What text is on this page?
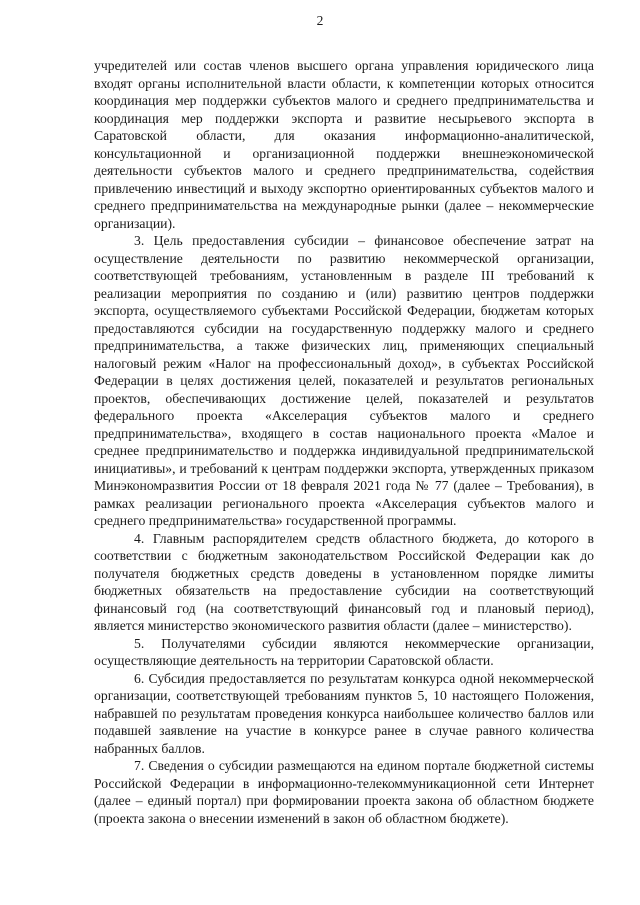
2

учредителей или состав членов высшего органа управления юридического лица входят органы исполнительной власти области, к компетенции которых относится координация мер поддержки субъектов малого и среднего предпринимательства и координация мер поддержки экспорта и развитие несырьевого экспорта в Саратовской области, для оказания информационно-аналитической, консультационной и организационной поддержки внешнеэкономической деятельности субъектов малого и среднего предпринимательства, содействия привлечению инвестиций и выходу экспортно ориентированных субъектов малого и среднего предпринимательства на международные рынки (далее – некоммерческие организации).

3. Цель предоставления субсидии – финансовое обеспечение затрат на осуществление деятельности по развитию некоммерческой организации, соответствующей требованиям, установленным в разделе III требований к реализации мероприятия по созданию и (или) развитию центров поддержки экспорта, осуществляемого субъектами Российской Федерации, бюджетам которых предоставляются субсидии на государственную поддержку малого и среднего предпринимательства, а также физических лиц, применяющих специальный налоговый режим «Налог на профессиональный доход», в субъектах Российской Федерации в целях достижения целей, показателей и результатов региональных проектов, обеспечивающих достижение целей, показателей и результатов федерального проекта «Акселерация субъектов малого и среднего предпринимательства», входящего в состав национального проекта «Малое и среднее предпринимательство и поддержка индивидуальной предпринимательской инициативы», и требований к центрам поддержки экспорта, утвержденных приказом Минэкономразвития России от 18 февраля 2021 года № 77 (далее – Требования), в рамках реализации регионального проекта «Акселерация субъектов малого и среднего предпринимательства» государственной программы.

4. Главным распорядителем средств областного бюджета, до которого в соответствии с бюджетным законодательством Российской Федерации как до получателя бюджетных средств доведены в установленном порядке лимиты бюджетных обязательств на предоставление субсидии на соответствующий финансовый год (на соответствующий финансовый год и плановый период), является министерство экономического развития области (далее – министерство).

5. Получателями субсидии являются некоммерческие организации, осуществляющие деятельность на территории Саратовской области.

6. Субсидия предоставляется по результатам конкурса одной некоммерческой организации, соответствующей требованиям пунктов 5, 10 настоящего Положения, набравшей по результатам проведения конкурса наибольшее количество баллов или подавшей заявление на участие в конкурсе ранее в случае равного количества набранных баллов.

7. Сведения о субсидии размещаются на едином портале бюджетной системы Российской Федерации в информационно-телекоммуникационной сети Интернет (далее – единый портал) при формировании проекта закона об областном бюджете (проекта закона о внесении изменений в закон об областном бюджете).
